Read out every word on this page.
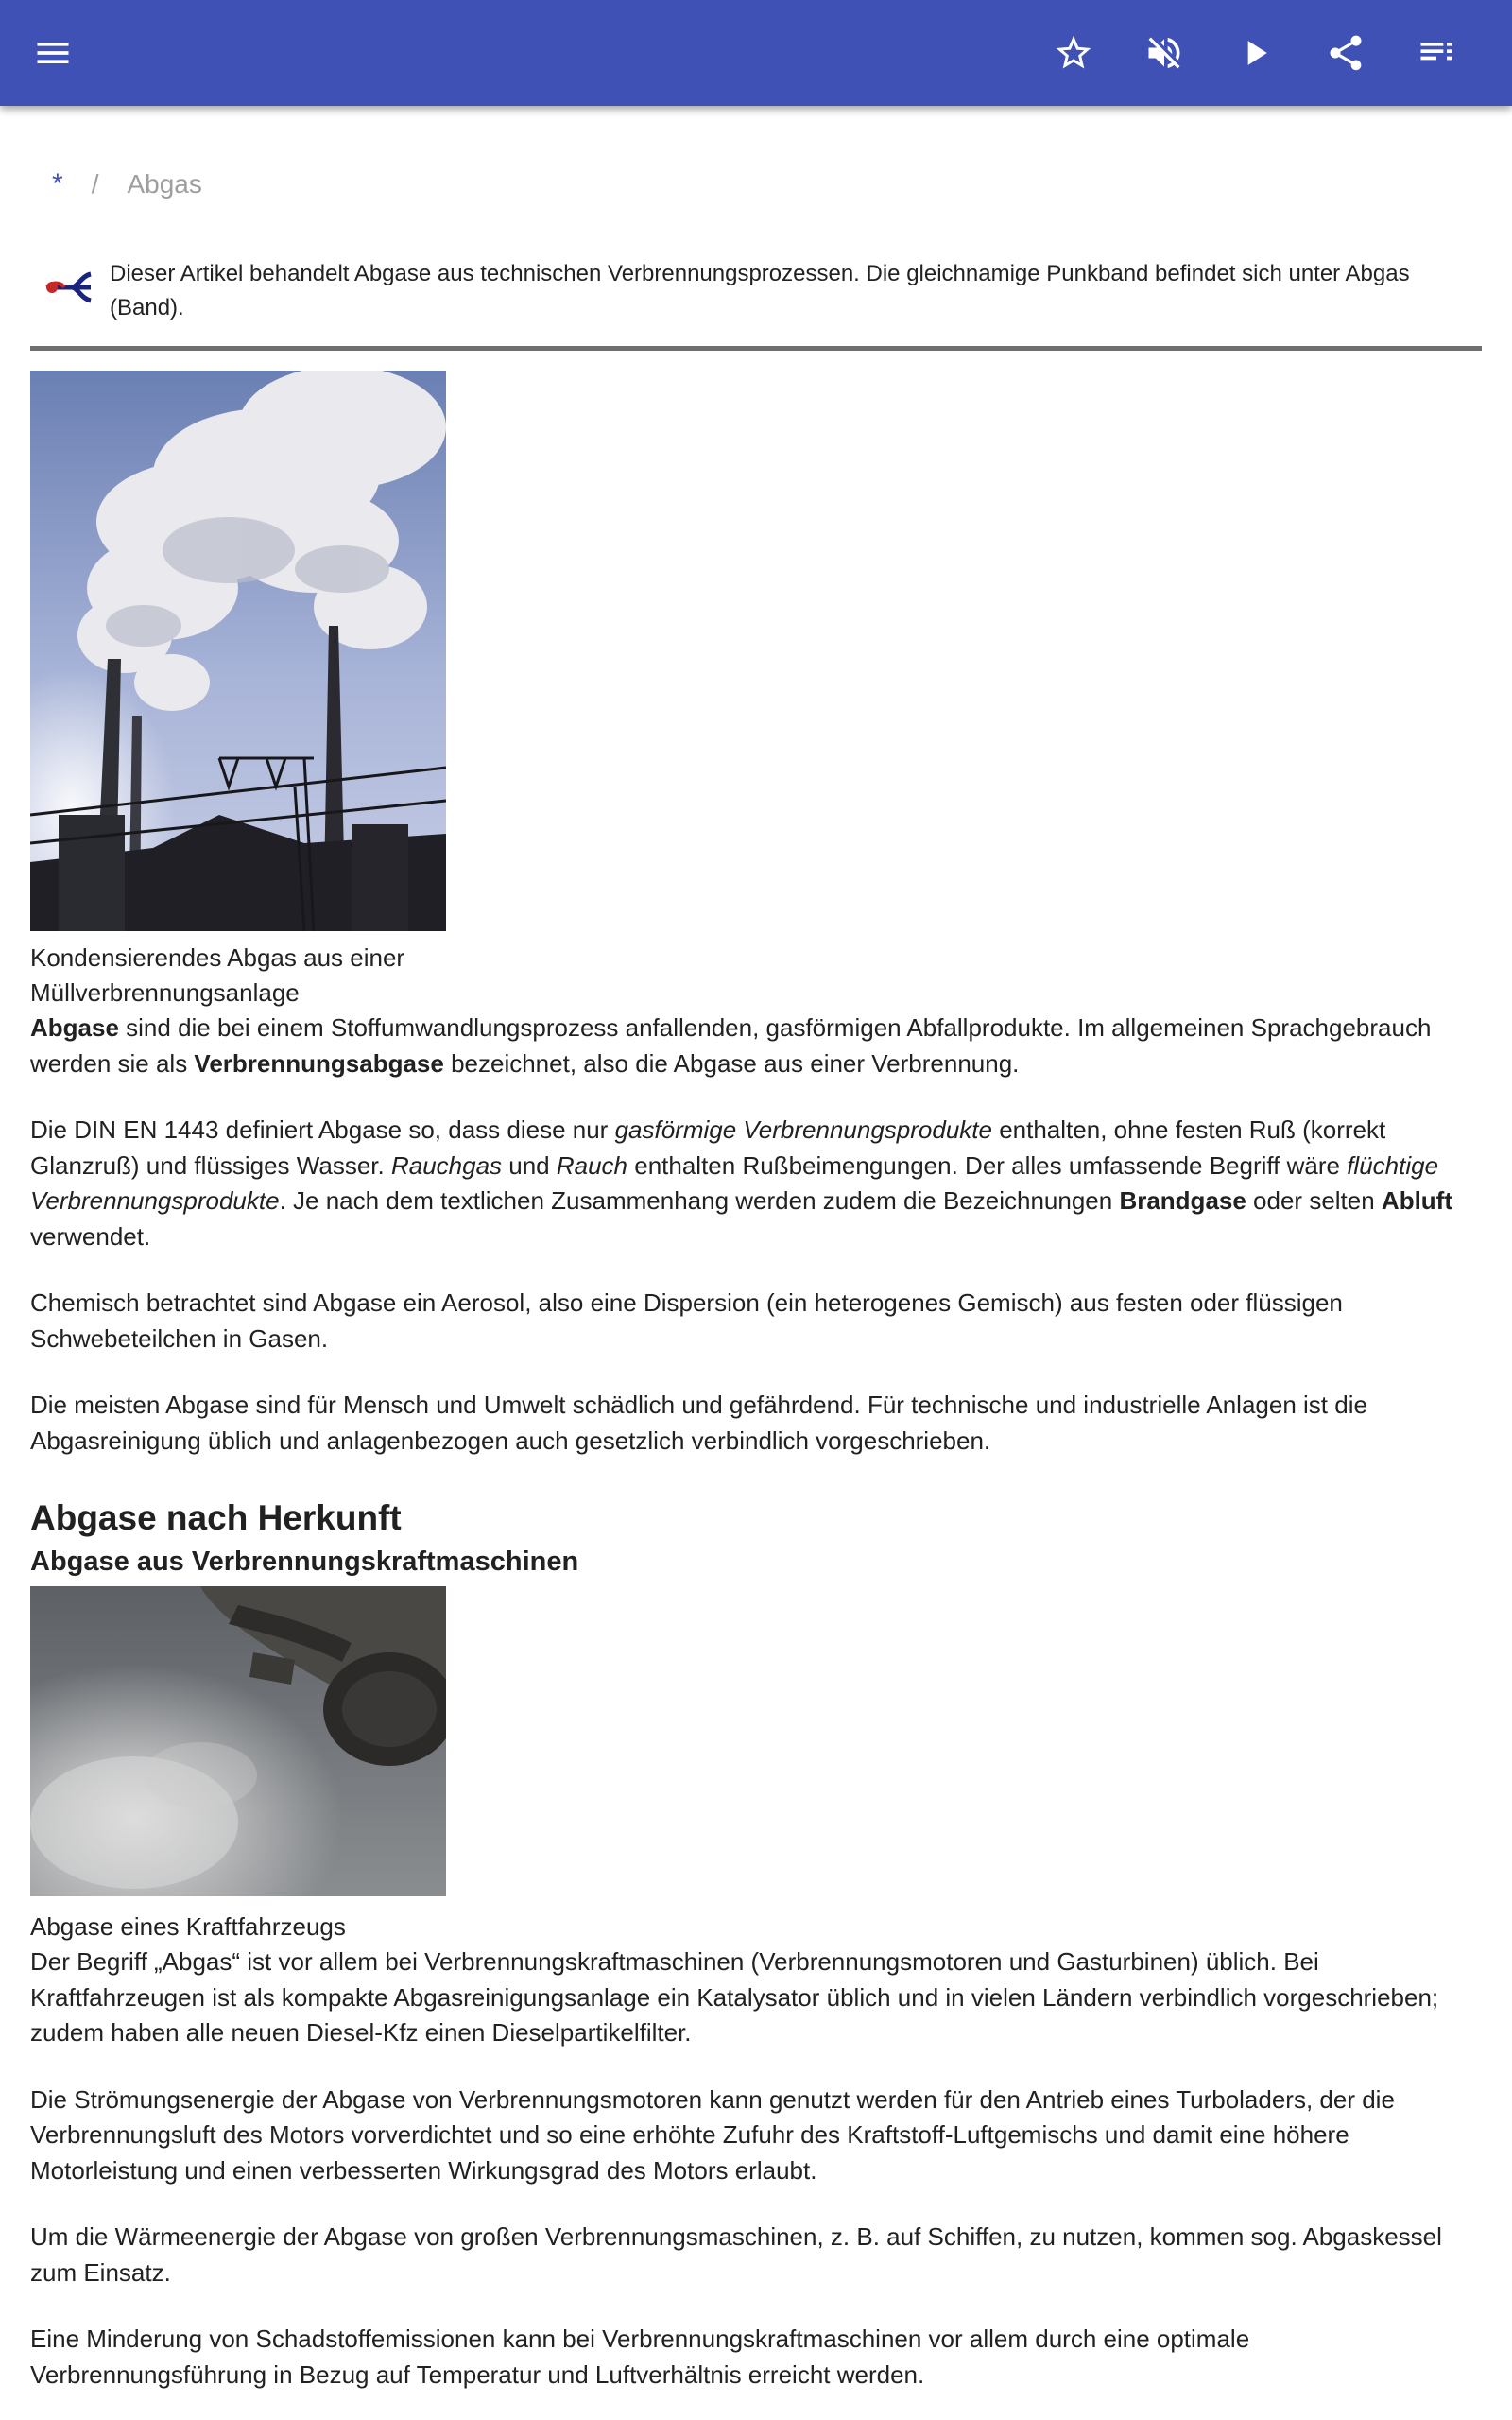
* / Abgas
Dieser Artikel behandelt Abgase aus technischen Verbrennungsprozessen. Die gleichnamige Punkband befindet sich unter Abgas (Band).
Kondensierendes Abgas aus einer Müllverbrennungsanlage

Abgase sind die bei einem Stoffumwandlungsprozess anfallenden, gasförmigen Abfallprodukte. Im allgemeinen Sprachgebrauch werden sie als Verbrennungsabgase bezeichnet, also die Abgase aus einer Verbrennung.

Die DIN EN 1443 definiert Abgase so, dass diese nur gasförmige Verbrennungsprodukte enthalten, ohne festen Ruß (korrekt Glanzruß) und flüssiges Wasser. Rauchgas und Rauch enthalten Rußbeimengungen. Der alles umfassende Begriff wäre flüchtige Verbrennungsprodukte. Je nach dem textlichen Zusammenhang werden zudem die Bezeichnungen Brandgase oder selten Abluft verwendet.

Chemisch betrachtet sind Abgase ein Aerosol, also eine Dispersion (ein heterogenes Gemisch) aus festen oder flüssigen Schwebeteilchen in Gasen.

Die meisten Abgase sind für Mensch und Umwelt schädlich und gefährdend. Für technische und industrielle Anlagen ist die Abgasreinigung üblich und anlagenbezogen auch gesetzlich verbindlich vorgeschrieben.

Abgase nach Herkunft
Abgase aus Verbrennungskraftmaschinen
Abgase eines Kraftfahrzeugs

Der Begriff „Abgas“ ist vor allem bei Verbrennungskraftmaschinen (Verbrennungsmotoren und Gasturbinen) üblich. Bei Kraftfahrzeugen ist als kompakte Abgasreinigungsanlage ein Katalysator üblich und in vielen Ländern verbindlich vorgeschrieben; zudem haben alle neuen Diesel-Kfz einen Dieselpartikelfilter.

Die Strömungsenergie der Abgase von Verbrennungsmotoren kann genutzt werden für den Antrieb eines Turboladers, der die Verbrennungsluft des Motors vorverdichtet und so eine erhöhte Zufuhr des Kraftstoff-Luftgemischs und damit eine höhere Motorleistung und einen verbesserten Wirkungsgrad des Motors erlaubt.

Um die Wärmeenergie der Abgase von großen Verbrennungsmaschinen, z. B. auf Schiffen, zu nutzen, kommen sog. Abgaskessel zum Einsatz.

Eine Minderung von Schadstoffemissionen kann bei Verbrennungskraftmaschinen vor allem durch eine optimale Verbrennungsführung in Bezug auf Temperatur und Luftverhältnis erreicht werden.
